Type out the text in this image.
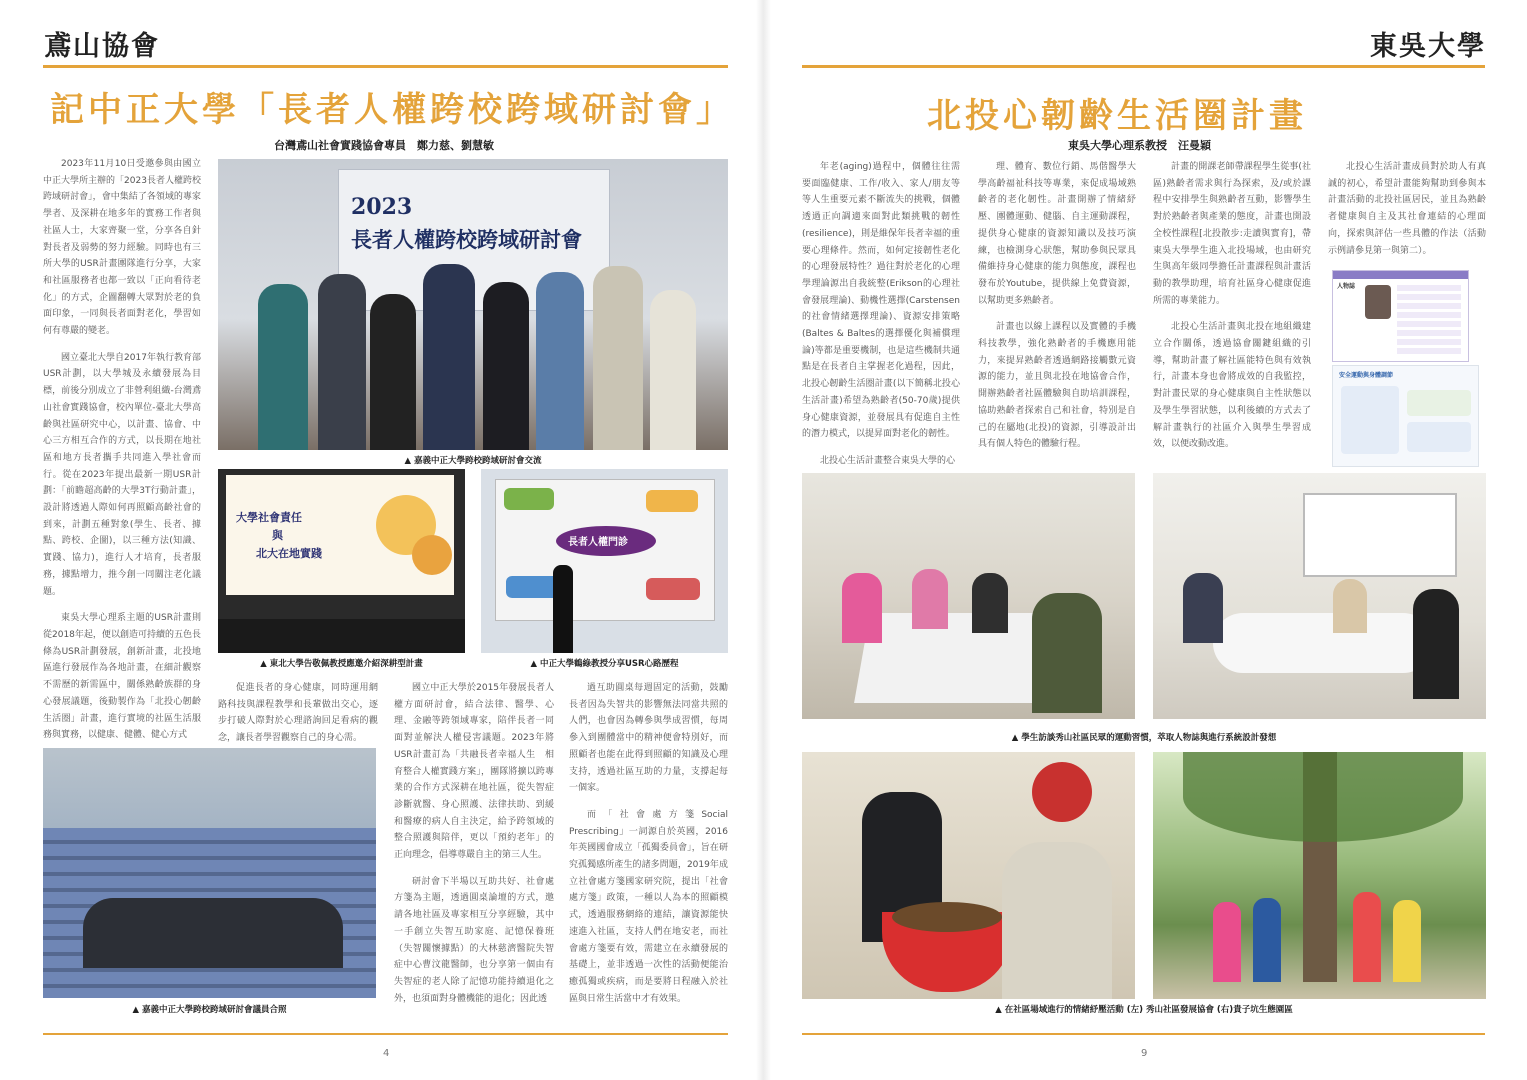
鳶山協會
記中正大學「長者人權跨校跨域研討會」
台灣鳶山社會實踐協會專員　鄭力慈、劉慧敏

2023年11月10日受邀參與由國立中正大學所主辦的「2023長者人權跨校跨域研討會」，會中集結了各領域的專家學者、及深耕在地多年的實務工作者與社區人士，大家齊聚一堂，分享各自針對長者及弱勢的努力經驗。同時也有三所大學的USR計畫團隊進行分享，大家和社區服務者也都一致以「正向看待老化」的方式，企圖翻轉大眾對於老的負面印象，一同與長者面對老化，學習如何有尊嚴的變老。

國立臺北大學自2017年執行教育部USR計劃，以大學城及永續發展為目標，前後分別成立了非營利組織-台灣鳶山社會實踐協會，校內單位-臺北大學高齡與社區研究中心，以計畫、協會、中心三方相互合作的方式，以長期在地社區和地方長者攜手共同進入學社會而行。從在2023年提出最新一期USR計劃：「前瞻超高齡的大學3T行動計畫」，設計將透過人際如何再照顧高齡社會的到來，計劃五種對象(學生、長者、據點、跨校、企圖)，以三種方法(知識、實踐、協力)，進行人才培育，長者服務，據點增力，推今創一同關注老化議題。

東吳大學心理系主題的USR計畫則從2018年起，便以創造可持續的五色長條為USR計劃發展，創新計畫，北投地區進行發展作為各地計畫，在細計觀察不需歷的新需區中，關係熟齡族群的身心發展議題，後動製作為「北投心韌齡生活圈」計畫，進行實境的社區生活服務與實務，以健康、健體、健心方式

2023
長者人權跨校跨域研討會
▲ 嘉義中正大學跨校跨域研討會交流
大學社會責任
與
北大在地實踐
▲ 東北大學告敬佩教授應邀介紹深耕型計畫
長者人權門診
▲ 中正大學鶴綠教授分享USR心路歷程

促進長者的身心健康，同時運用網路科技與課程教學和長輩做出交心，逐步打破人際對於心理諮詢回足看病的觀念，讓長者學習觀察自己的身心需。

▲ 嘉義中正大學跨校跨域研討會議員合照

國立中正大學於2015年發展長者人權方面研討會，結合法律、醫學、心理、金融等跨領域專家，陪伴長者一同面對並解決人權侵害議題。2023年將USR計畫訂為「共融長者幸福人生　相育整合人權實踐方案」，團隊將擴以跨專業的合作方式深耕在地社區，從失智症診斷就醫、身心照護、法律扶助、到緩和醫療的病人自主決定，給予跨領域的整合照護與陪伴，更以「預約老年」的正向理念，倡導尊嚴自主的第三人生。

研討會下半場以互助共好、社會處方箋為主題，透過圓桌論壇的方式，邀請各地社區及專家相互分享經驗，其中一手創立失智互助家庭、記憶保養班（失智關懷據點）的大林慈濟醫院失智症中心曹汶龍醫師，也分享第一個由有失智症的老人除了記憶功能持續退化之外，也須面對身體機能的退化；因此透

過互助圓桌每週固定的活動，鼓勵長者因為失智共的影響無法同當共照的人們，也會因為轉參與學成習慣，每周參入到團體當中的精神便會特別好，而照顧者也能在此得到照顧的知識及心理支持，透過社區互助的力量，支撐起每一個家。

而「社會處方箋Social Prescribing」一詞源自於英國，2016年英國國會成立「孤獨委員會」，旨在研究孤獨感所產生的諸多問題，2019年成立社會處方箋國家研究院，提出「社會處方箋」政策，一種以人為本的照顧模式，透過服務網絡的連結，讓資源能快速進入社區，支持人們在地安老，而社會處方箋要有效，需建立在永續發展的基礎上，並非透過一次性的活動便能治癒孤獨或疾病，而是要將日程融入於社區與日常生活當中才有效果。

4
東吳大學
北投心韌齡生活圈計畫
東吳大學心理系教授　汪曼穎

年老(aging)過程中，個體往往需要面臨健康、工作/收入、家人/朋友等等人生重要元素不斷流失的挑戰，個體透過正向調適來面對此類挑戰的韌性(resilience)，則是維保年長者幸福的重要心理條件。然而，如何定接韌性老化的心理發展特性？過往對於老化的心理學理論源出自我統整(Erikson的心理社會發展理論)、動機性選擇(Carstensen的社會情緒選擇理論)、資源安排策略(Baltes & Baltes的選擇優化與補償理論)等都是重要機制，也是這些機制共通點是在長者自主掌握老化過程，因此，北投心韌齡生活圈計畫(以下簡稱北投心生活計畫)希望為熟齡者(50-70歲)提供身心健康資源，並發展具有促進自主性的潛力模式，以提昇面對老化的韌性。

北投心生活計畫整合東吳大學的心

理、體育、數位行銷、馬偕醫學大學高齡福祉科技等專業，來促成場域熟齡者的老化韌性。計畫開辦了情緒紓壓、團體運動、健腦、自主運動課程，提供身心健康的資源知識以及技巧演練，也檢測身心狀態，幫助參與民眾具備維持身心健康的能力與態度，課程也發布於Youtube，提供線上免費資源，以幫助更多熟齡者。

計畫也以線上課程以及實體的手機科技教學，強化熟齡者的手機應用能力，來提昇熟齡者透過網路接觸數元資源的能力，並且與北投在地協會合作，開辦熟齡者社區體驗與自助培訓課程，協助熟齡者探索自己和社會，特別是自己的在屬地(北投)的資源，引導設計出具有個人特色的體驗行程。

計畫的開課老師帶課程學生從事(社區)熟齡者需求與行為探索，及/或於課程中安排學生與熟齡者互動，影響學生對於熟齡者與產業的態度，計畫也開設全校性課程[北投散步:走讀與實育]，帶東吳大學學生進入北投場域，也由研究生與高年級同學擔任計畫課程與計畫活動的教學助理，培育社區身心健康促進所需的專業能力。

北投心生活計畫與北投在地組織建立合作關係，透過協會關鍵組織的引導，幫助計畫了解社區能特色與有效執行，計畫本身也會將成效的自我監控，對計畫民眾的身心健康與自主性狀態以及學生學習狀態，以利後續的方式去了解計畫執行的社區介入與學生學習成效，以便改動改進。

北投心生活計畫成員對於助人有真誠的初心，希望計畫能夠幫助到參與本計畫活動的北投社區居民，並且為熟齡者健康與自主及其社會連結的心理面向，探索與評估一些具體的作法（活動示例請參見第一與第二）。

人物誌
安全運動與身體調節
▲ 學生訪談秀山社區民眾的運動習慣，萃取人物誌與進行系統設計發想
▲ 在社區場域進行的情緒紓壓活動 (左) 秀山社區發展協會 (右)貴子坑生態園區
9
